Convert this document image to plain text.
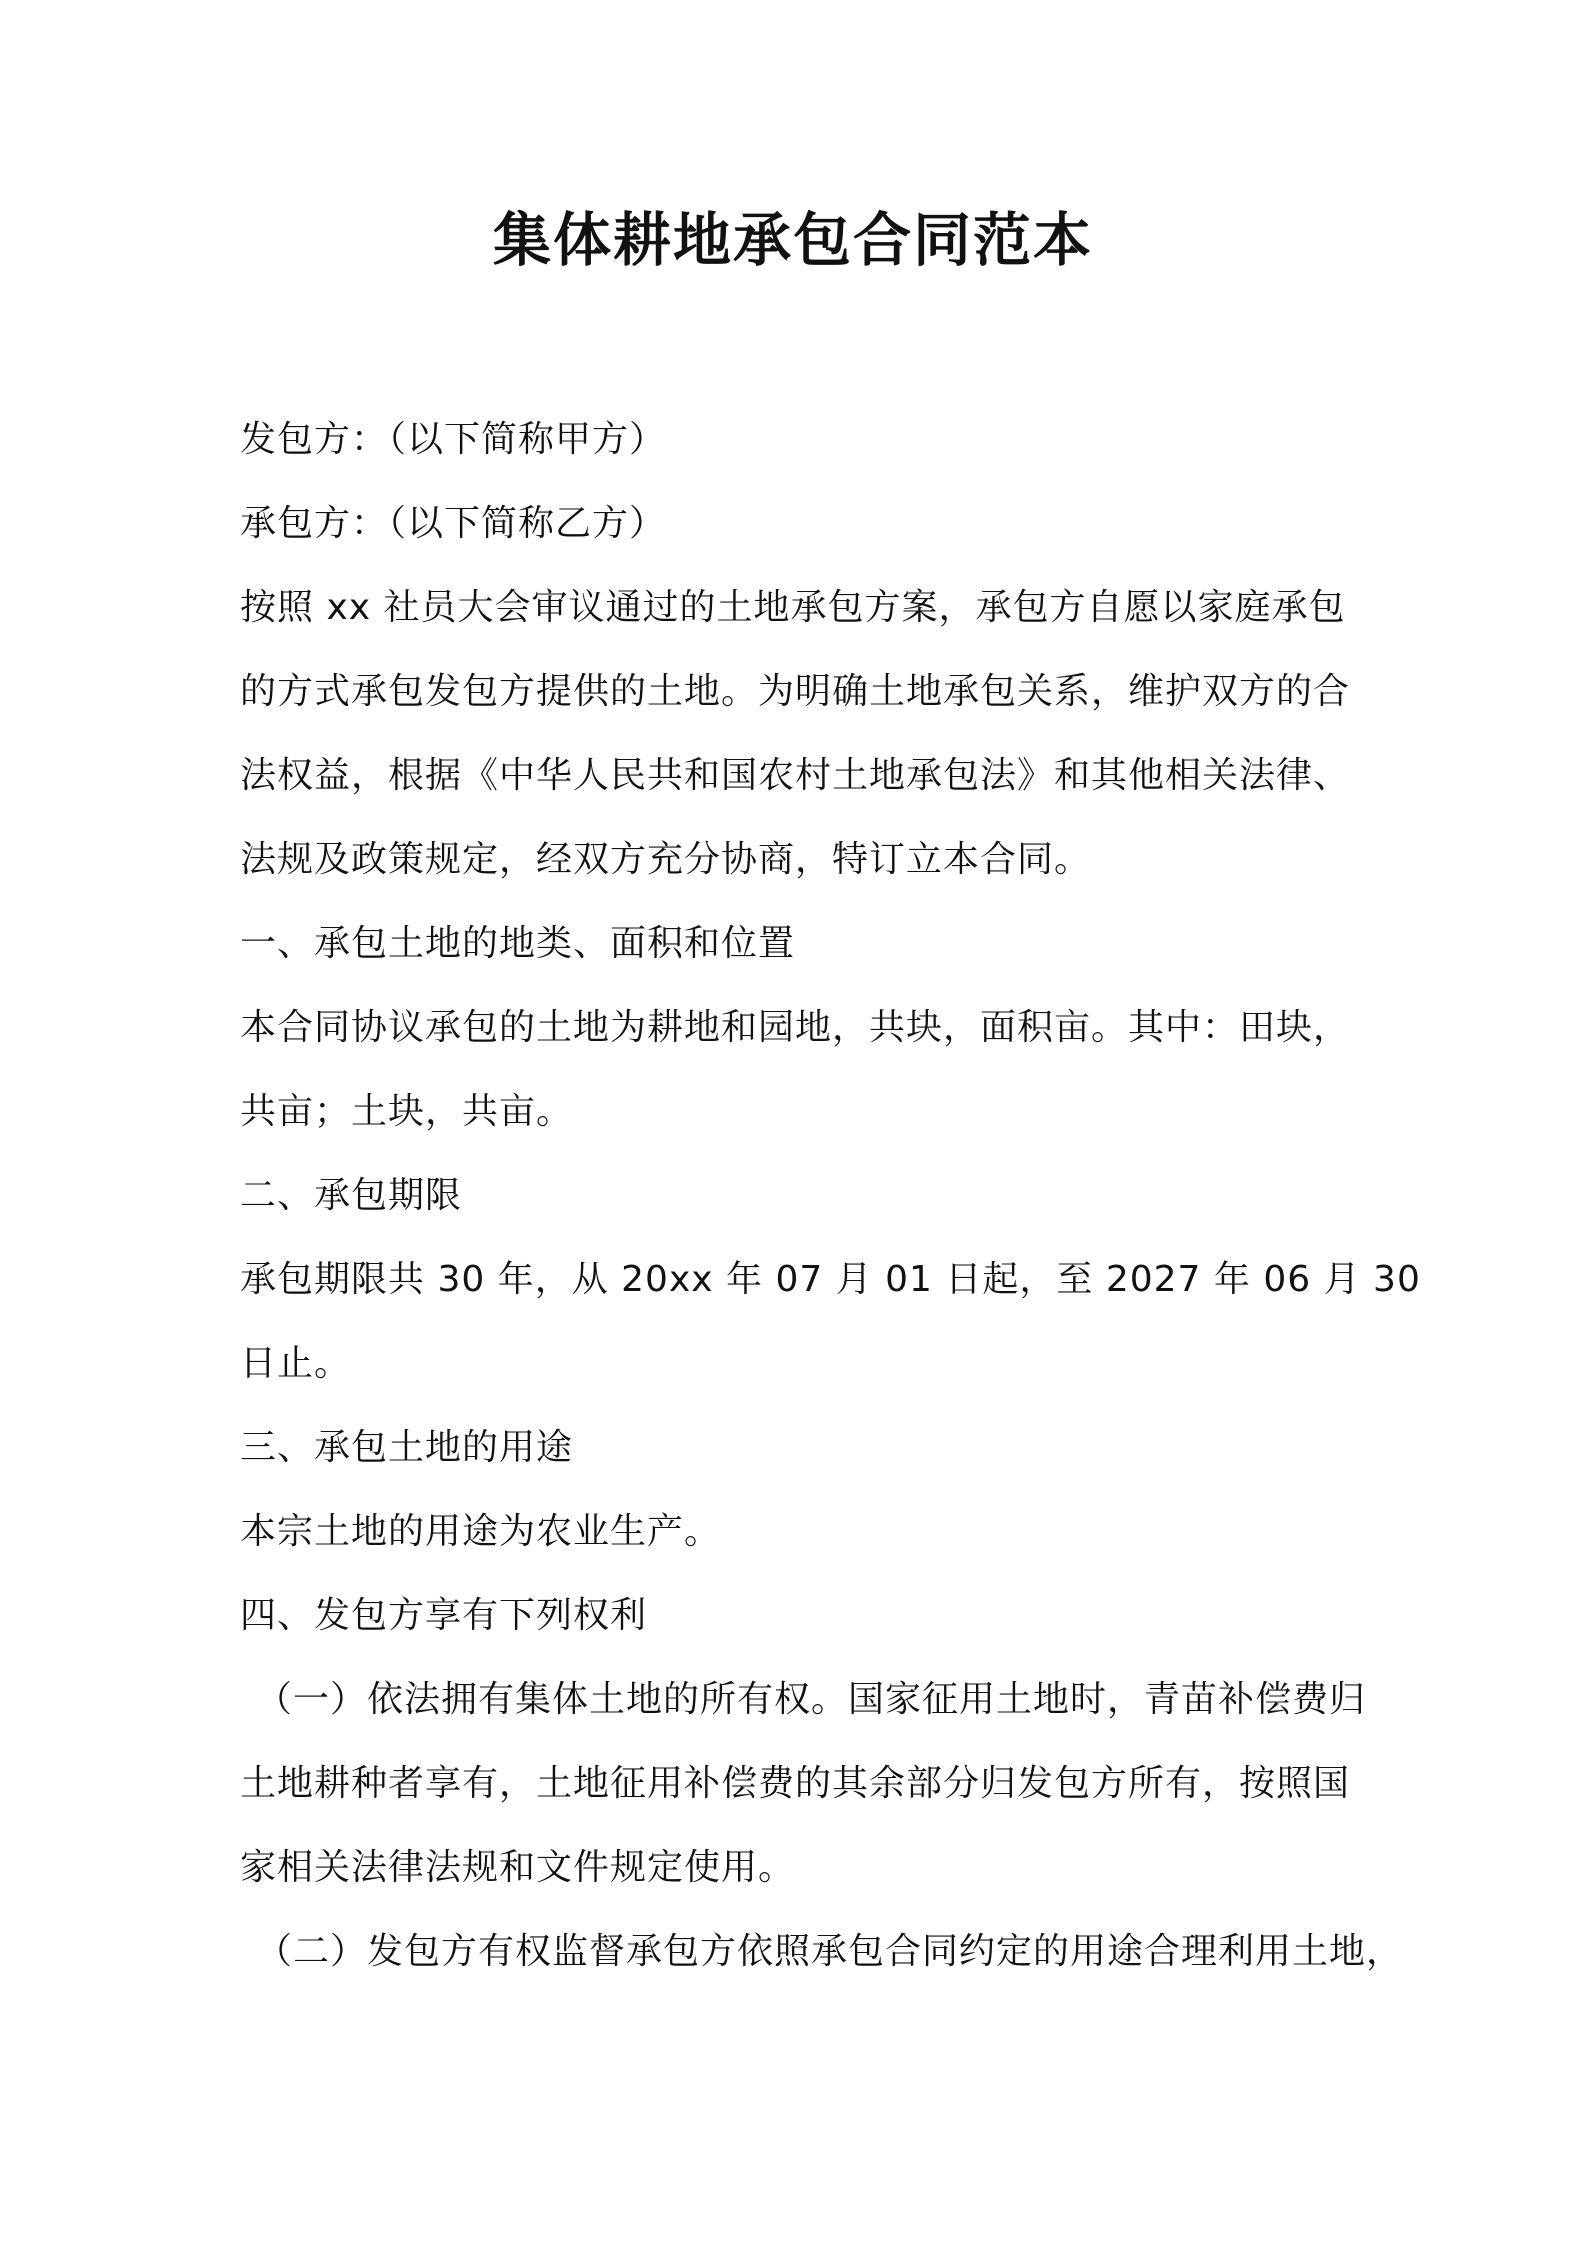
集体耕地承包合同范本
发包方：（以下简称甲方）
承包方：（以下简称乙方）
按照 xx 社员大会审议通过的土地承包方案，承包方自愿以家庭承包
的方式承包发包方提供的土地。为明确土地承包关系，维护双方的合
法权益，根据《中华人民共和国农村土地承包法》和其他相关法律、
法规及政策规定，经双方充分协商，特订立本合同。
一、承包土地的地类、面积和位置
本合同协议承包的土地为耕地和园地，共块，面积亩。其中：田块，
共亩；土块，共亩。
二、承包期限
承包期限共 30 年，从 20xx 年 07 月 01 日起，至 2027 年 06 月 30
日止。
三、承包土地的用途
本宗土地的用途为农业生产。
四、发包方享有下列权利
（一）依法拥有集体土地的所有权。国家征用土地时，青苗补偿费归
土地耕种者享有，土地征用补偿费的其余部分归发包方所有，按照国
家相关法律法规和文件规定使用。
（二）发包方有权监督承包方依照承包合同约定的用途合理利用土地，
